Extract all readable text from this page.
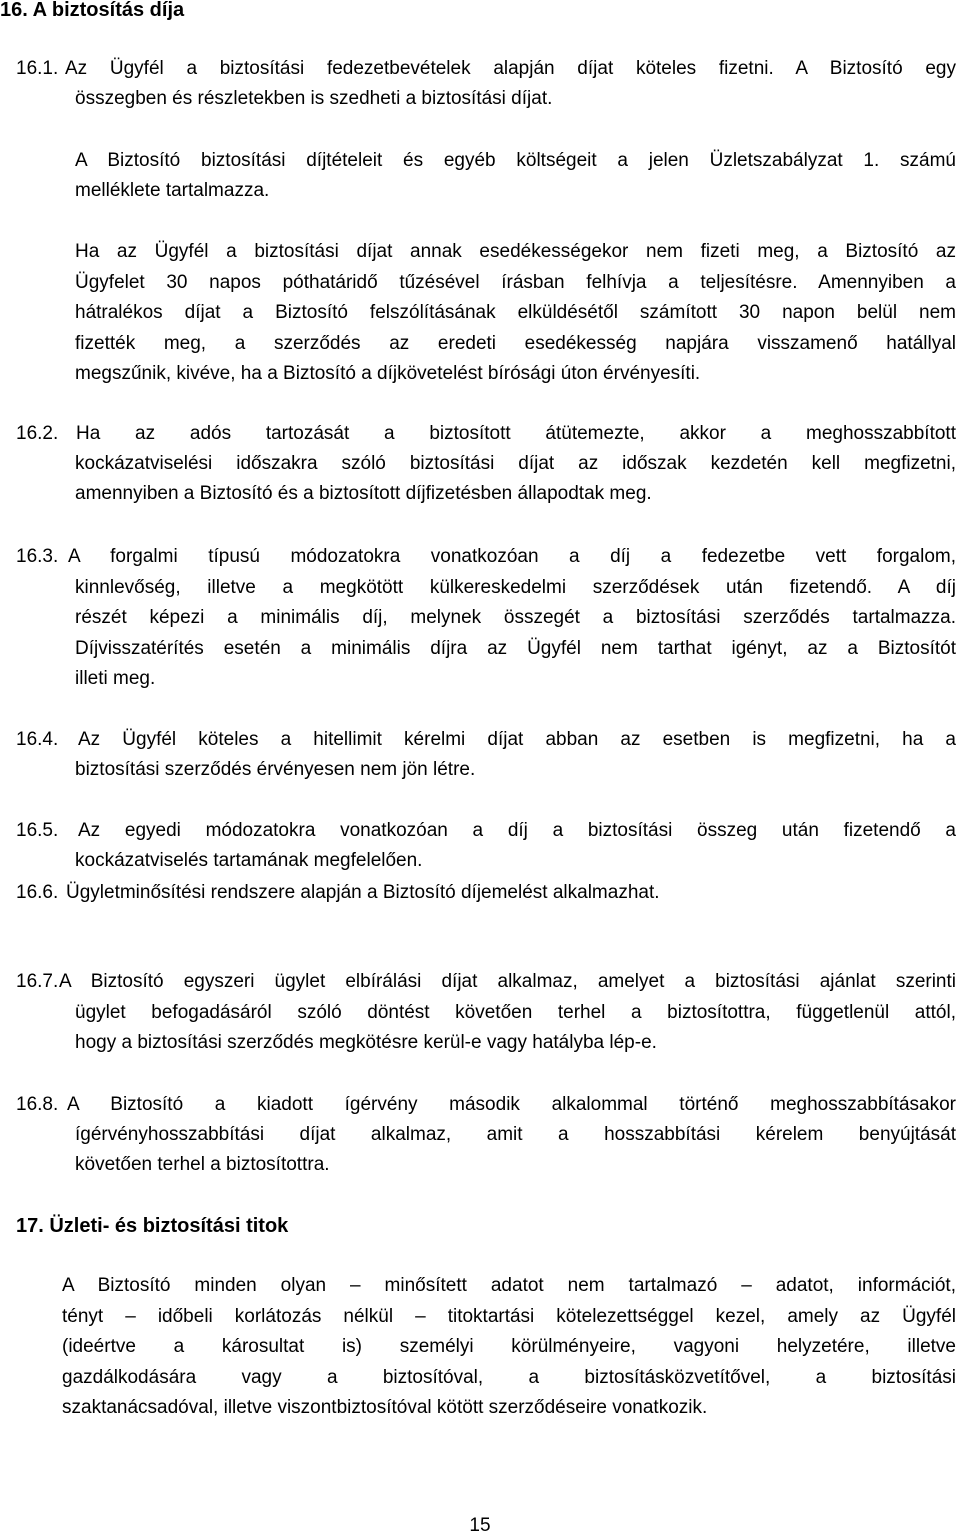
16. A biztosítás díja
16.1. Az Ügyfél a biztosítási fedezetbevételek alapján díjat köteles fizetni. A Biztosító egy
összegben és részletekben is szedheti a biztosítási díjat.
A Biztosító biztosítási díjtételeit és egyéb költségeit a jelen Üzletszabályzat 1. számú
melléklete tartalmazza.
Ha az Ügyfél a biztosítási díjat annak esedékességekor nem fizeti meg, a Biztosító az
Ügyfelet 30 napos póthatáridő tűzésével írásban felhívja a teljesítésre. Amennyiben a
hátralékos díjat a Biztosító felszólításának elküldésétől számított 30 napon belül nem
fizették meg, a szerződés az eredeti esedékesség napjára visszamenő hatállyal
megszűnik, kivéve, ha a Biztosító a díjkövetelést bírósági úton érvényesíti.
16.2. Ha az adós tartozását a biztosított átütemezte, akkor a meghosszabbított
kockázatviselési időszakra szóló biztosítási díjat az időszak kezdetén kell megfizetni,
amennyiben a Biztosító és a biztosított díjfizetésben állapodtak meg.
16.3. A forgalmi típusú módozatokra vonatkozóan a díj a fedezetbe vett forgalom,
kinnlevőség, illetve a megkötött külkereskedelmi szerződések után fizetendő. A díj
részét képezi a minimális díj, melynek összegét a biztosítási szerződés tartalmazza.
Díjvisszatérítés esetén a minimális díjra az Ügyfél nem tarthat igényt, az a Biztosítót
illeti meg.
16.4. Az Ügyfél köteles a hitellimit kérelmi díjat abban az esetben is megfizetni, ha a
biztosítási szerződés érvényesen nem jön létre.
16.5. Az egyedi módozatokra vonatkozóan a díj a biztosítási összeg után fizetendő a
kockázatviselés tartamának megfelelően.
16.6. Ügyletminősítési rendszere alapján a Biztosító díjemelést alkalmazhat.
16.7. A Biztosító egyszeri ügylet elbírálási díjat alkalmaz, amelyet a biztosítási ajánlat szerinti
ügylet befogadásáról szóló döntést követően terhel a biztosítottra, függetlenül attól,
hogy a biztosítási szerződés megkötésre kerül-e vagy hatályba lép-e.
16.8. A Biztosító a kiadott ígérvény második alkalommal történő meghosszabbításakor
ígérvényhosszabbítási díjat alkalmaz, amit a hosszabbítási kérelem benyújtását
követően terhel a biztosítottra.
A Biztosító minden olyan – minősített adatot nem tartalmazó – adatot, információt,
tényt – időbeli korlátozás nélkül – titoktartási kötelezettséggel kezel, amely az Ügyfél
(ideértve a károsultat is) személyi körülményeire, vagyoni helyzetére, illetve
gazdálkodására vagy a biztosítóval, a biztosításközvetítővel, a biztosítási
szaktanácsadóval, illetve viszontbiztosítóval kötött szerződéseire vonatkozik.
17. Üzleti- és biztosítási titok
15
